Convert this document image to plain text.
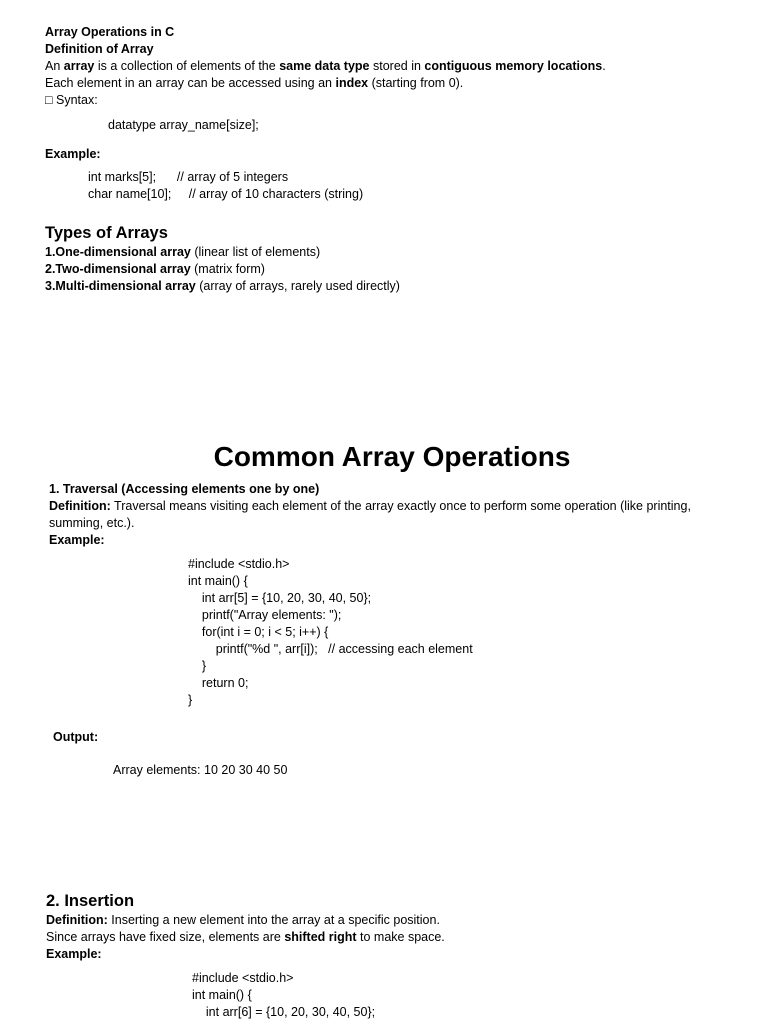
Array Operations in C
Definition of Array
An array is a collection of elements of the same data type stored in contiguous memory locations.
Each element in an array can be accessed using an index (starting from 0).
□ Syntax:
datatype array_name[size];
Example:
int marks[5];      // array of 5 integers
char name[10];     // array of 10 characters (string)
Types of Arrays
1.One-dimensional array (linear list of elements)
2.Two-dimensional array (matrix form)
3.Multi-dimensional array (array of arrays, rarely used directly)
Common Array Operations
1. Traversal (Accessing elements one by one)
Definition: Traversal means visiting each element of the array exactly once to perform some operation (like printing, summing, etc.).
Example:
#include <stdio.h>
int main() {
int arr[5] = {10, 20, 30, 40, 50};
printf("Array elements: ");
for(int i = 0; i < 5; i++) {
printf("%d ", arr[i]);   // accessing each element
}
return 0;
}
Output:
Array elements: 10 20 30 40 50
2. Insertion
Definition: Inserting a new element into the array at a specific position.
Since arrays have fixed size, elements are shifted right to make space.
Example:
#include <stdio.h>
int main() {
int arr[6] = {10, 20, 30, 40, 50};
